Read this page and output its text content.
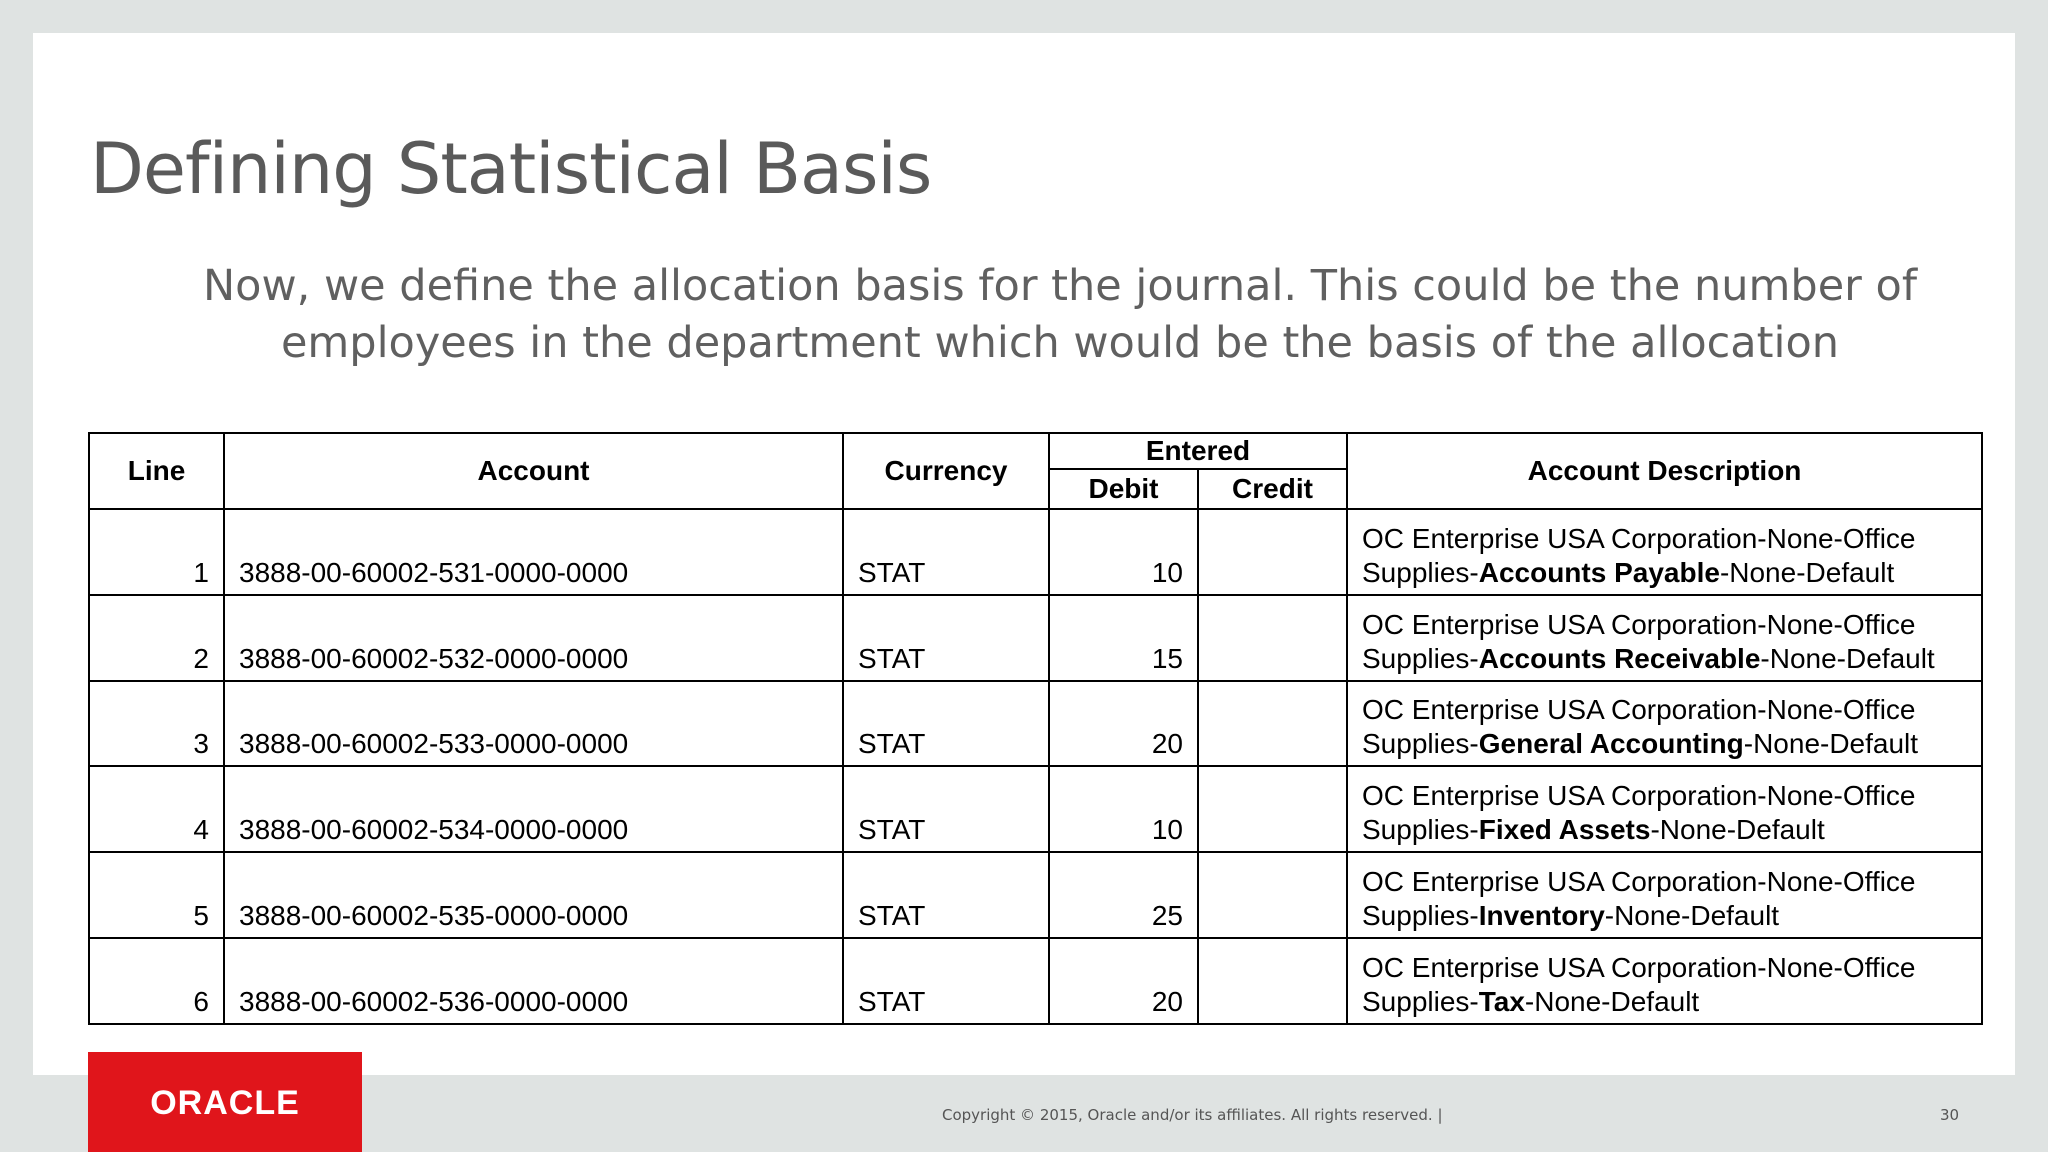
Defining Statistical Basis

Now, we define the allocation basis for the journal. This could be the number of employees in the department which would be the basis of the allocation

Line	Account	Currency	Entered		Account Description
			Debit	Credit	
1	3888-00-60002-531-0000-0000	STAT	10		OC Enterprise USA Corporation-None-Office
Supplies-Accounts Payable-None-Default
2	3888-00-60002-532-0000-0000	STAT	15		OC Enterprise USA Corporation-None-Office
Supplies-Accounts Receivable-None-Default
3	3888-00-60002-533-0000-0000	STAT	20		OC Enterprise USA Corporation-None-Office
Supplies-General Accounting-None-Default
4	3888-00-60002-534-0000-0000	STAT	10		OC Enterprise USA Corporation-None-Office
Supplies-Fixed Assets-None-Default
5	3888-00-60002-535-0000-0000	STAT	25		OC Enterprise USA Corporation-None-Office
Supplies-Inventory-None-Default
6	3888-00-60002-536-0000-0000	STAT	20		OC Enterprise USA Corporation-None-Office
Supplies-Tax-None-Default
ORACLE	Copyright © 2015, Oracle and/or its affiliates. All rights reserved. |	30
